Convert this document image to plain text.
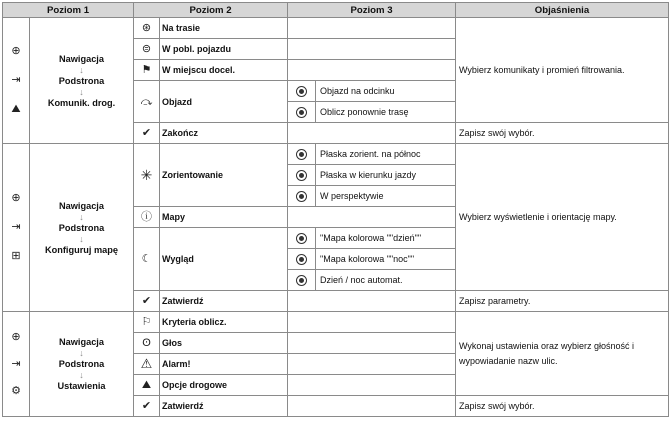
Poziom 1		Poziom 2		Poziom 3		Objaśnienia

⊕
⇥
⛰	Nawigacja
↓
Podstrona
↓
Komunik. drog.	⊛	Na trasie			Wybierz komunikaty i promień filtrowania.
		⊜	W pobl. pojazdu			
		⚑	W miejscu docel.			
		⤼	Objazd		Objazd na odcinku	
					Oblicz ponownie trasę	
		✔	Zakończ			Zapisz swój wybór.

⊕
⇥
⊞	Nawigacja
↓
Podstrona
↓
Konfiguruj mapę	✳	Zorientowanie		Płaska zorient. na północ	Wybierz wyświetlenie i orientację mapy.
					Płaska w kierunku jazdy	
					W perspektywie	
		ⓘ	Mapy			
		☾	Wygląd		"Mapa kolorowa ""dzień""	
					"Mapa kolorowa ""noc""	
					Dzień / noc automat.	
		✔	Zatwierdź			Zapisz parametry.

⊕
⇥
⚙	Nawigacja
↓
Podstrona
↓
Ustawienia	⚐	Kryteria oblicz.			Wykonaj ustawienia oraz wybierz głośność i wypowiadanie nazw ulic.
		ʘ	Głos			
		⚠	Alarm!			
		⛰	Opcje drogowe			
		✔	Zatwierdź			Zapisz swój wybór.
